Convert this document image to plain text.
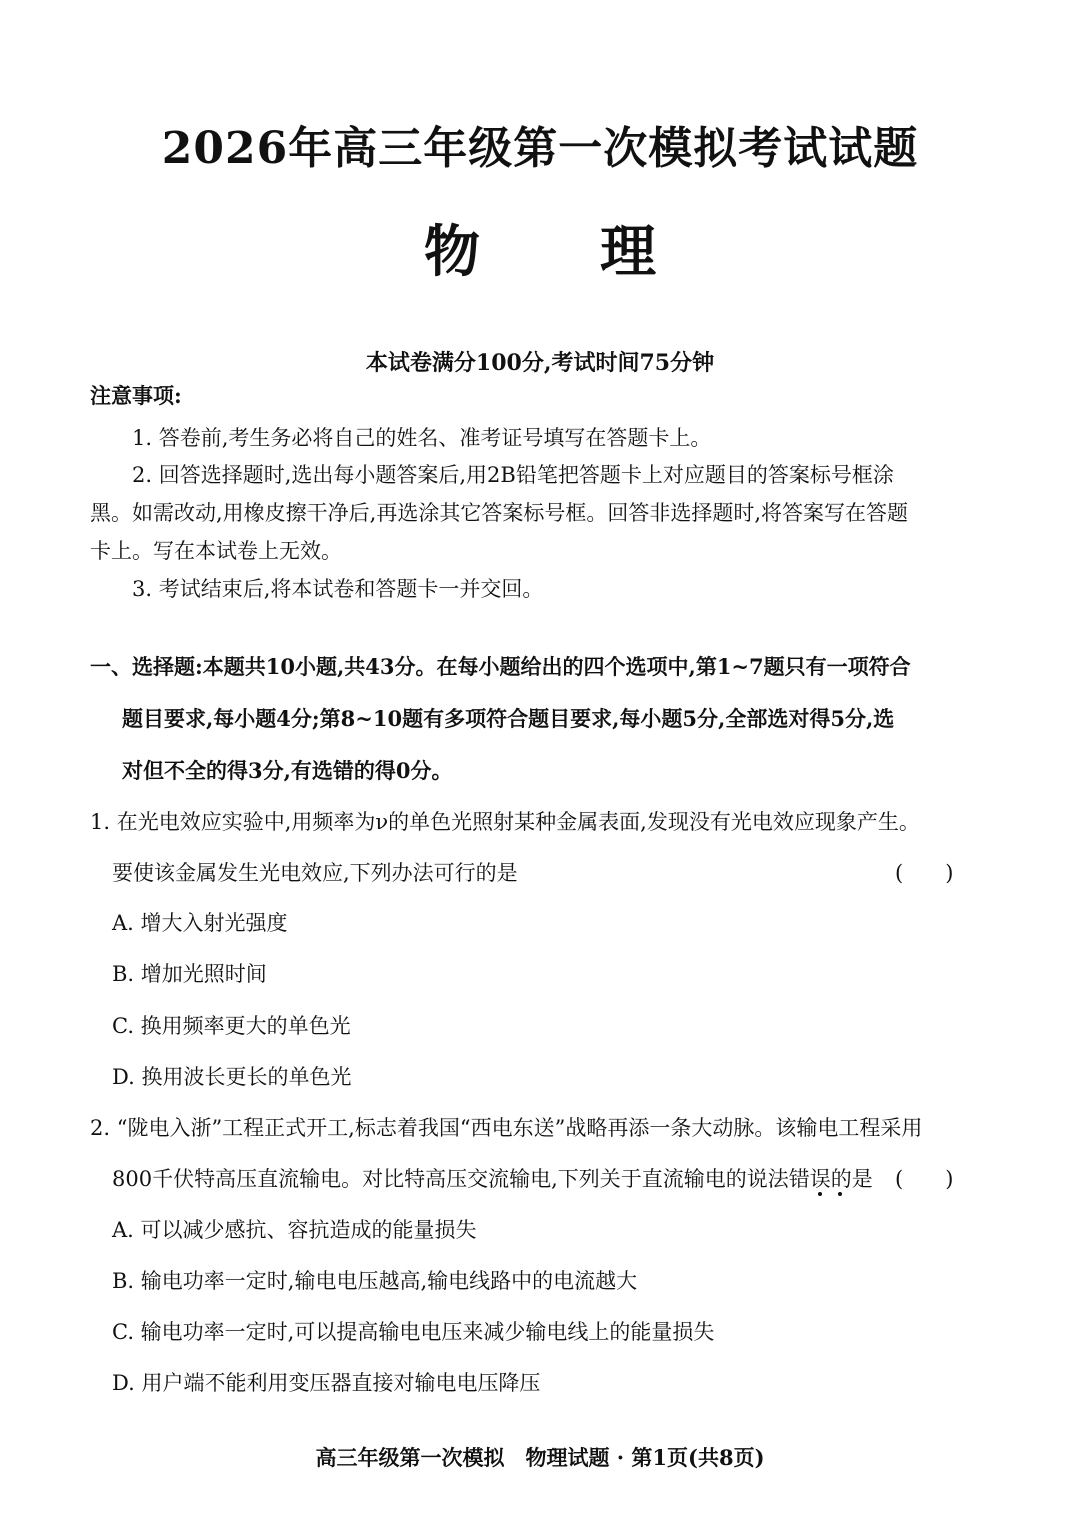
2026年高三年级第一次模拟考试试题
物理
本试卷满分100分,考试时间75分钟
注意事项:
1. 答卷前,考生务必将自己的姓名、准考证号填写在答题卡上。
2. 回答选择题时,选出每小题答案后,用2B铅笔把答题卡上对应题目的答案标号框涂
黑。如需改动,用橡皮擦干净后,再选涂其它答案标号框。回答非选择题时,将答案写在答题
卡上。写在本试卷上无效。
3. 考试结束后,将本试卷和答题卡一并交回。
一、选择题:本题共10小题,共43分。在每小题给出的四个选项中,第1~7题只有一项符合
题目要求,每小题4分;第8~10题有多项符合题目要求,每小题5分,全部选对得5分,选
对但不全的得3分,有选错的得0分。
1. 在光电效应实验中,用频率为ν的单色光照射某种金属表面,发现没有光电效应现象产生。
要使该金属发生光电效应,下列办法可行的是	(　　)
A. 增大入射光强度
B. 增加光照时间
C. 换用频率更大的单色光
D. 换用波长更长的单色光
2. “陇电入浙”工程正式开工,标志着我国“西电东送”战略再添一条大动脉。该输电工程采用
800千伏特高压直流输电。对比特高压交流输电,下列关于直流输电的说法错误的是 (　　)
A. 可以减少感抗、容抗造成的能量损失
B. 输电功率一定时,输电电压越高,输电线路中的电流越大
C. 输电功率一定时,可以提高输电电压来减少输电线上的能量损失
D. 用户端不能利用变压器直接对输电电压降压
高三年级第一次模拟　物理试题 · 第1页(共8页)
